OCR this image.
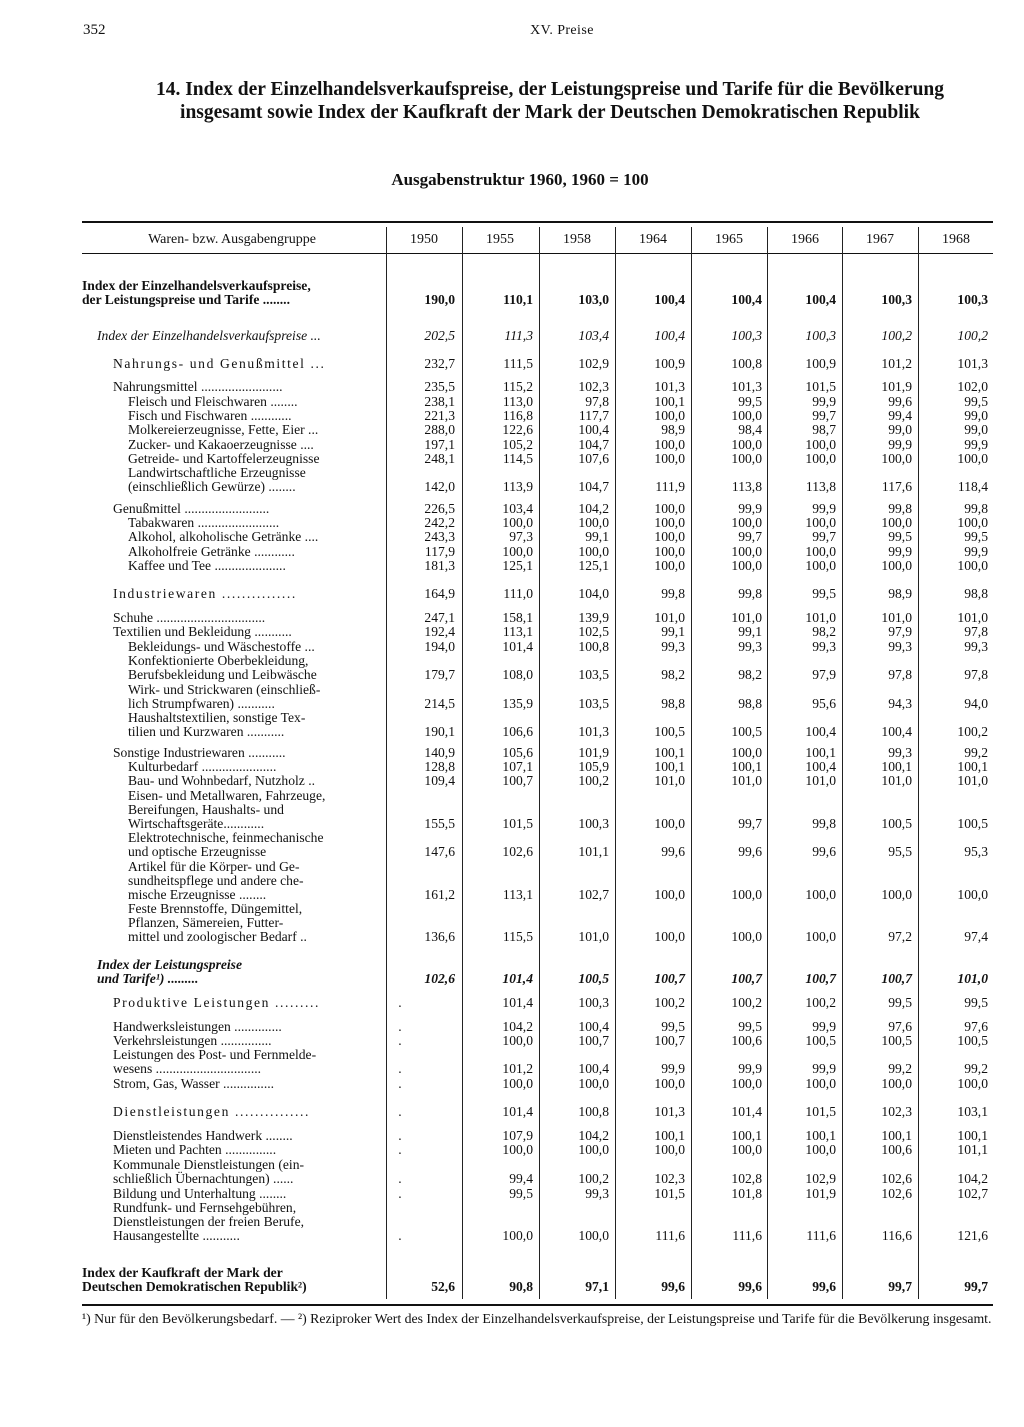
352	XV. Preise
14. Index der Einzelhandelsverkaufspreise, der Leistungspreise und Tarife für die Bevölkerung insgesamt sowie Index der Kaufkraft der Mark der Deutschen Demokratischen Republik
Ausgabenstruktur 1960, 1960 = 100
Waren- bzw. Ausgabengruppe	1950	1955	1958	1964	1965	1966	1967	1968
Index der Einzelhandelsverkaufspreise,
der Leistungspreise und Tarife ........	190,0	110,1	103,0	100,4	100,4	100,4	100,3	100,3
Index der Einzelhandelsverkaufspreise ...	202,5	111,3	103,4	100,4	100,3	100,3	100,2	100,2
Nahrungs- und Genußmittel ...	232,7	111,5	102,9	100,9	100,8	100,9	101,2	101,3
Nahrungsmittel ........................	235,5	115,2	102,3	101,3	101,3	101,5	101,9	102,0
Fleisch und Fleischwaren ........	238,1	113,0	97,8	100,1	99,5	99,9	99,6	99,5
Fisch und Fischwaren ............	221,3	116,8	117,7	100,0	100,0	99,7	99,4	99,0
Molkereierzeugnisse, Fette, Eier ...	288,0	122,6	100,4	98,9	98,4	98,7	99,0	99,0
Zucker- und Kakaoerzeugnisse ....	197,1	105,2	104,7	100,0	100,0	100,0	99,9	99,9
Getreide- und Kartoffelerzeugnisse	248,1	114,5	107,6	100,0	100,0	100,0	100,0	100,0
Landwirtschaftliche Erzeugnisse
(einschließlich Gewürze) ........	142,0	113,9	104,7	111,9	113,8	113,8	117,6	118,4
Genußmittel .........................	226,5	103,4	104,2	100,0	99,9	99,9	99,8	99,8
Tabakwaren ........................	242,2	100,0	100,0	100,0	100,0	100,0	100,0	100,0
Alkohol, alkoholische Getränke ....	243,3	97,3	99,1	100,0	99,7	99,7	99,5	99,5
Alkoholfreie Getränke ............	117,9	100,0	100,0	100,0	100,0	100,0	99,9	99,9
Kaffee und Tee .....................	181,3	125,1	125,1	100,0	100,0	100,0	100,0	100,0
Industriewaren ...............	164,9	111,0	104,0	99,8	99,8	99,5	98,9	98,8
Schuhe ................................	247,1	158,1	139,9	101,0	101,0	101,0	101,0	101,0
Textilien und Bekleidung ...........	192,4	113,1	102,5	99,1	99,1	98,2	97,9	97,8
Bekleidungs- und Wäschestoffe ...	194,0	101,4	100,8	99,3	99,3	99,3	99,3	99,3
Konfektionierte Oberbekleidung,
Berufsbekleidung und Leibwäsche	179,7	108,0	103,5	98,2	98,2	97,9	97,8	97,8
Wirk- und Strickwaren (einschließ-
lich Strumpfwaren) ...........	214,5	135,9	103,5	98,8	98,8	95,6	94,3	94,0
Haushaltstextilien, sonstige Tex-
tilien und Kurzwaren ...........	190,1	106,6	101,3	100,5	100,5	100,4	100,4	100,2
Sonstige Industriewaren ...........	140,9	105,6	101,9	100,1	100,0	100,1	99,3	99,2
Kulturbedarf ......................	128,8	107,1	105,9	100,1	100,1	100,4	100,1	100,1
Bau- und Wohnbedarf, Nutzholz ..	109,4	100,7	100,2	101,0	101,0	101,0	101,0	101,0
Eisen- und Metallwaren, Fahrzeuge,
Bereifungen, Haushalts- und
Wirtschaftsgeräte............	155,5	101,5	100,3	100,0	99,7	99,8	100,5	100,5
Elektrotechnische, feinmechanische
und optische Erzeugnisse	147,6	102,6	101,1	99,6	99,6	99,6	95,5	95,3
Artikel für die Körper- und Ge-
sundheitspflege und andere che-
mische Erzeugnisse ........	161,2	113,1	102,7	100,0	100,0	100,0	100,0	100,0
Feste Brennstoffe, Düngemittel,
Pflanzen, Sämereien, Futter-
mittel und zoologischer Bedarf ..	136,6	115,5	101,0	100,0	100,0	100,0	97,2	97,4
Index der Leistungspreise
und Tarife¹) .........	102,6	101,4	100,5	100,7	100,7	100,7	100,7	101,0
Produktive Leistungen .........	.	101,4	100,3	100,2	100,2	100,2	99,5	99,5
Handwerksleistungen ..............	.	104,2	100,4	99,5	99,5	99,9	97,6	97,6
Verkehrsleistungen ...............	.	100,0	100,7	100,7	100,6	100,5	100,5	100,5
Leistungen des Post- und Fernmelde-
wesens ...............................	.	101,2	100,4	99,9	99,9	99,9	99,2	99,2
Strom, Gas, Wasser ...............	.	100,0	100,0	100,0	100,0	100,0	100,0	100,0
Dienstleistungen ...............	.	101,4	100,8	101,3	101,4	101,5	102,3	103,1
Dienstleistendes Handwerk ........	.	107,9	104,2	100,1	100,1	100,1	100,1	100,1
Mieten und Pachten ...............	.	100,0	100,0	100,0	100,0	100,0	100,6	101,1
Kommunale Dienstleistungen (ein-
schließlich Übernachtungen) ......	.	99,4	100,2	102,3	102,8	102,9	102,6	104,2
Bildung und Unterhaltung ........	.	99,5	99,3	101,5	101,8	101,9	102,6	102,7
Rundfunk- und Fernsehgebühren,
Dienstleistungen der freien Berufe,
Hausangestellte ...........	.	100,0	100,0	111,6	111,6	111,6	116,6	121,6
Index der Kaufkraft der Mark der
Deutschen Demokratischen Republik²)	52,6	90,8	97,1	99,6	99,6	99,6	99,7	99,7
¹) Nur für den Bevölkerungsbedarf. — ²) Reziproker Wert des Index der Einzelhandelsverkaufspreise, der Leistungspreise und Tarife für die Bevölkerung insgesamt.
